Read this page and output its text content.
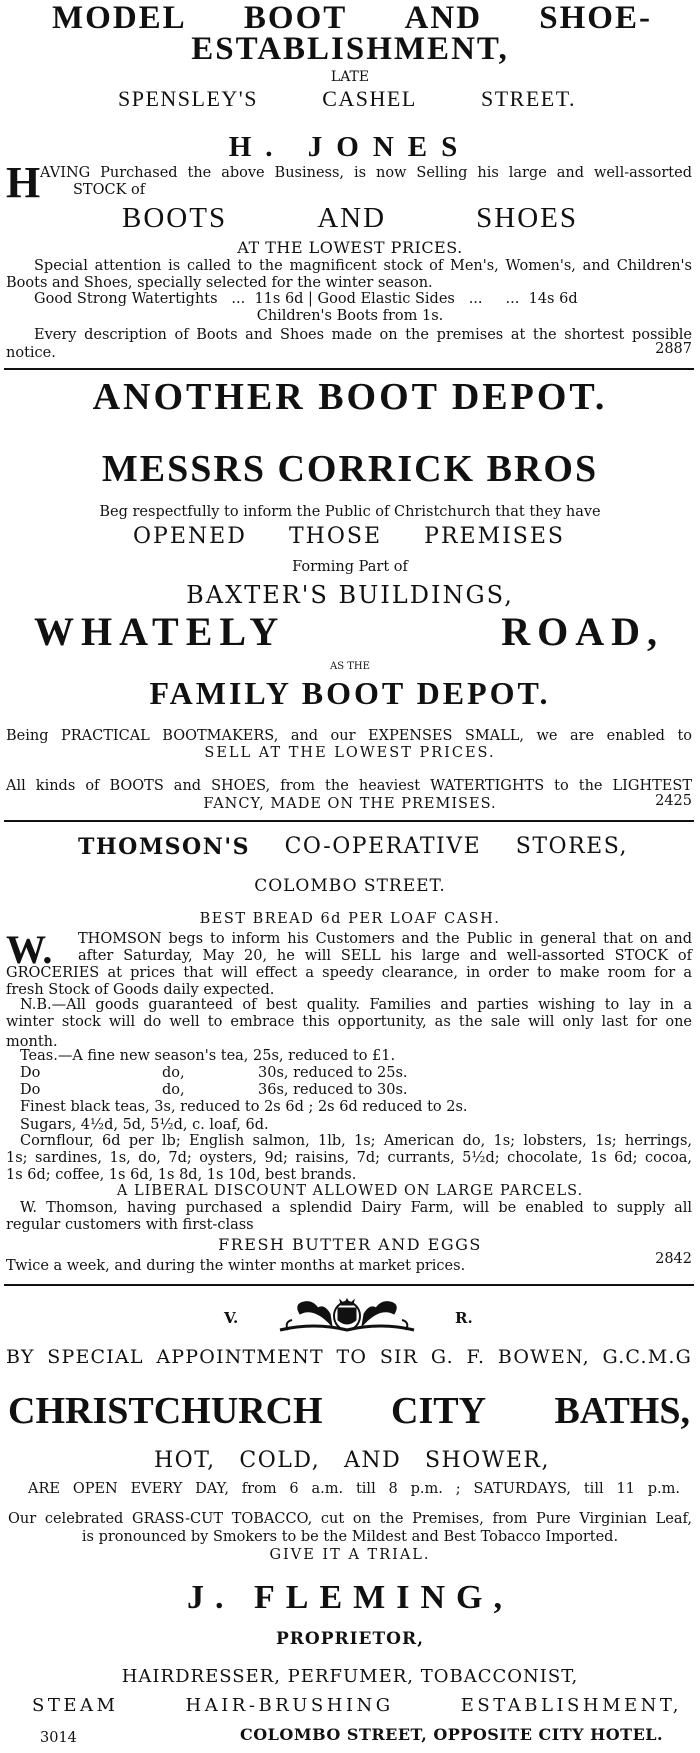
MODEL BOOT AND SHOE-
ESTABLISHMENT,
LATE
SPENSLEY'S	CASHEL	STREET.
H. JONES
H AVING Purchased the above Business, is now Selling his large and well-assorted
STOCK of
BOOTS	AND	SHOES
AT THE LOWEST PRICES.
Special attention is called to the magnificent stock of Men's, Women's, and Children's
Boots and Shoes, specially selected for the winter season.
Good Strong Watertights   ...  11s 6d | Good Elastic Sides   ...     ...  14s 6d
Children's Boots from 1s.
Every description of Boots and Shoes made on the premises at the shortest possible
notice.	2887
ANOTHER BOOT DEPOT.
MESSRS CORRICK BROS
Beg respectfully to inform the Public of Christchurch that they have
OPENED THOSE PREMISES
Forming Part of
BAXTER'S BUILDINGS,
WHATELY	ROAD,
AS THE
FAMILY BOOT DEPOT.
Being PRACTICAL BOOTMAKERS, and our EXPENSES SMALL, we are enabled to
SELL AT THE LOWEST PRICES.
All kinds of BOOTS and SHOES, from the heaviest WATERTIGHTS to the LIGHTEST
FANCY, MADE ON THE PREMISES.	2425
THOMSON'S CO-OPERATIVE STORES,
COLOMBO STREET.
BEST BREAD 6d PER LOAF CASH.
W. THOMSON begs to inform his Customers and the Public in general that on and
after Saturday, May 20, he will SELL his large and well-assorted STOCK of
GROCERIES at prices that will effect a speedy clearance, in order to make room for a
fresh Stock of Goods daily expected.
N.B.—All goods guaranteed of best quality. Families and parties wishing to lay in a
winter stock will do well to embrace this opportunity, as the sale will only last for one
month.
Teas.—A fine new season's tea, 25s, reduced to £1.
Do	do,	30s, reduced to 25s.
Do	do,	36s, reduced to 30s.
Finest black teas, 3s, reduced to 2s 6d ; 2s 6d reduced to 2s.
Sugars, 4½d, 5d, 5½d, c. loaf, 6d.
Cornflour, 6d per lb; English salmon, 1lb, 1s; American do, 1s; lobsters, 1s; herrings,
1s; sardines, 1s, do, 7d; oysters, 9d; raisins, 7d; currants, 5½d; chocolate, 1s 6d; cocoa,
1s 6d; coffee, 1s 6d, 1s 8d, 1s 10d, best brands.
A LIBERAL DISCOUNT ALLOWED ON LARGE PARCELS.
W. Thomson, having purchased a splendid Dairy Farm, will be enabled to supply all
regular customers with first-class
FRESH BUTTER AND EGGS
Twice a week, and during the winter months at market prices.	2842
V.	R.
BY SPECIAL APPOINTMENT TO SIR G. F. BOWEN, G.C.M.G
CHRISTCHURCH CITY BATHS,
HOT, COLD, AND SHOWER,
ARE OPEN EVERY DAY, from 6 a.m. till 8 p.m. ; SATURDAYS, till 11 p.m.
Our celebrated GRASS-CUT TOBACCO, cut on the Premises, from Pure Virginian Leaf,
is pronounced by Smokers to be the Mildest and Best Tobacco Imported.
GIVE IT A TRIAL.
J. FLEMING,
PROPRIETOR,
HAIRDRESSER, PERFUMER, TOBACCONIST,
STEAM	HAIR-BRUSHING	ESTABLISHMENT,
3014	COLOMBO STREET, OPPOSITE CITY HOTEL.
